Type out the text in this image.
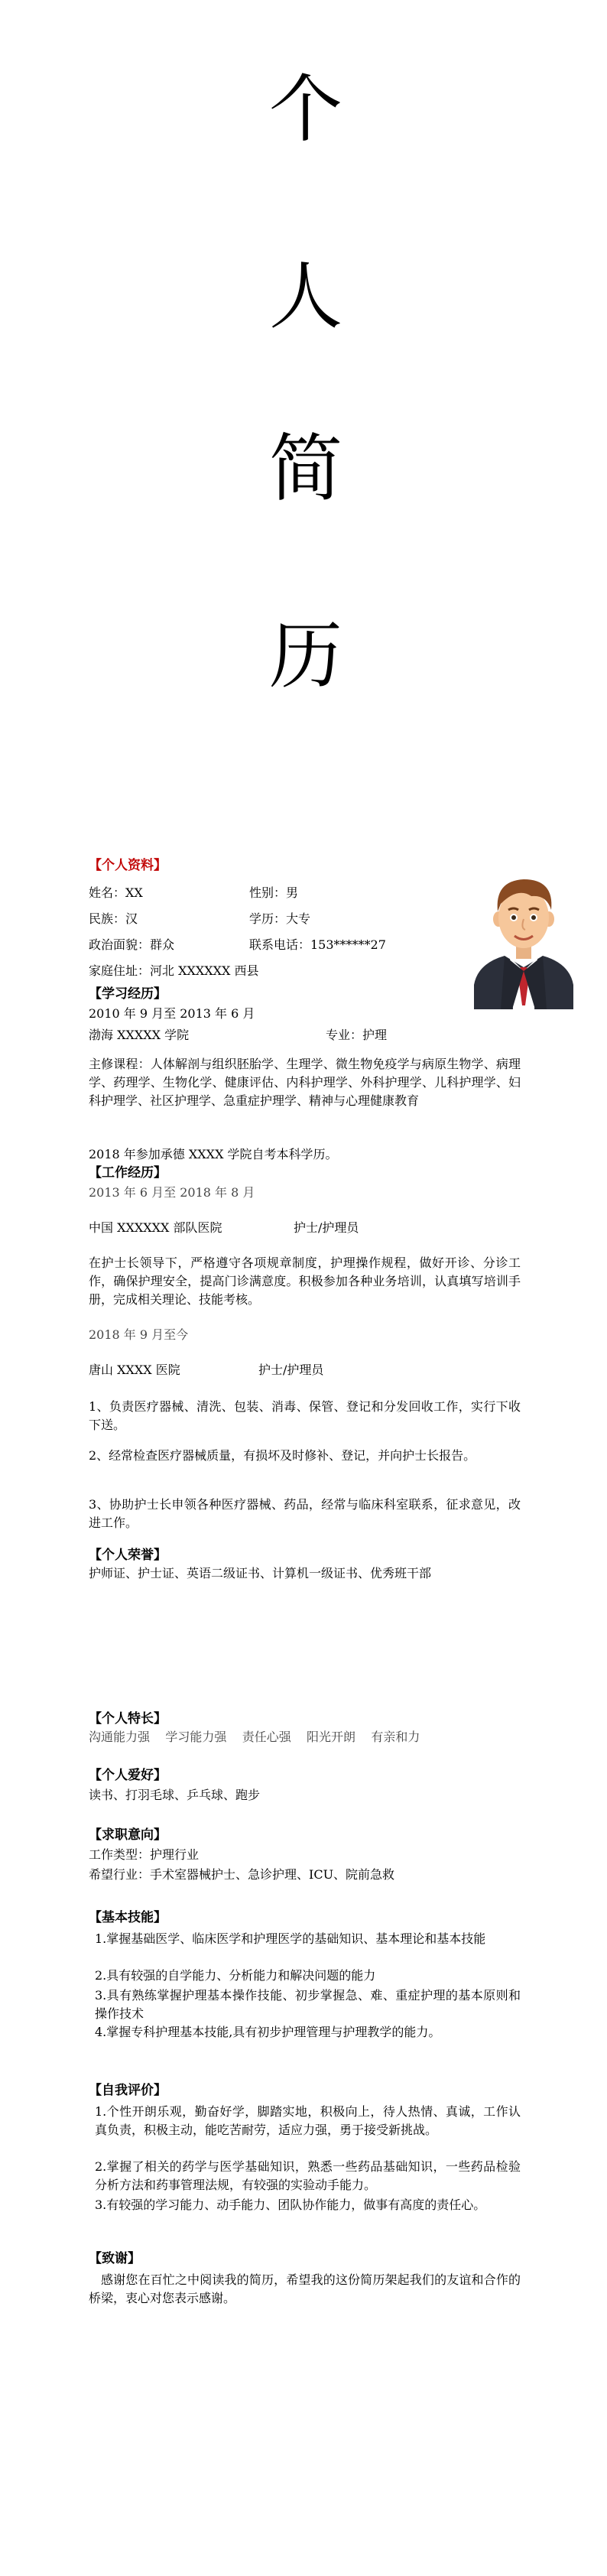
个
人
简
历
【个人资料】
姓名：XX	性别：男
民族：汉	学历：大专
政治面貌：群众	联系电话：153******27
家庭住址：河北 XXXXXX 西县
【学习经历】
2010 年 9 月至 2013 年 6 月
渤海 XXXXX 学院	专业：护理
主修课程：人体解剖与组织胚胎学、生理学、微生物免疫学与病原生物学、病理学、药理学、生物化学、健康评估、内科护理学、外科护理学、儿科护理学、妇科护理学、社区护理学、急重症护理学、精神与心理健康教育
2018 年参加承德 XXXX 学院自考本科学历。
【工作经历】
2013 年 6 月至 2018 年 8 月
中国 XXXXXX 部队医院	护士/护理员
在护士长领导下，严格遵守各项规章制度，护理操作规程，做好开诊、分诊工作，确保护理安全，提高门诊满意度。积极参加各种业务培训，认真填写培训手册，完成相关理论、技能考核。
2018 年 9 月至今
唐山 XXXX 医院	护士/护理员
1、负责医疗器械、清洗、包装、消毒、保管、登记和分发回收工作，实行下收下送。
2、经常检查医疗器械质量，有损坏及时修补、登记，并向护士长报告。
3、协助护士长申领各种医疗器械、药品，经常与临床科室联系，征求意见，改进工作。
【个人荣誉】
护师证、护士证、英语二级证书、计算机一级证书、优秀班干部
【个人特长】
沟通能力强    学习能力强    责任心强    阳光开朗    有亲和力
【个人爱好】
读书、打羽毛球、乒乓球、跑步
【求职意向】
工作类型：护理行业
希望行业：手术室器械护士、急诊护理、ICU、院前急救
【基本技能】
1.掌握基础医学、临床医学和护理医学的基础知识、基本理论和基本技能
2.具有较强的自学能力、分析能力和解决问题的能力
3.具有熟练掌握护理基本操作技能、初步掌握急、难、重症护理的基本原则和操作技术
4.掌握专科护理基本技能,具有初步护理管理与护理教学的能力。
【自我评价】
1.个性开朗乐观，勤奋好学，脚踏实地，积极向上，待人热情、真诚，工作认真负责，积极主动，能吃苦耐劳，适应力强，勇于接受新挑战。
2.掌握了相关的药学与医学基础知识，熟悉一些药品基础知识，一些药品检验分析方法和药事管理法规，有较强的实验动手能力。
3.有较强的学习能力、动手能力、团队协作能力，做事有高度的责任心。
【致谢】
感谢您在百忙之中阅读我的简历，希望我的这份简历架起我们的友谊和合作的桥梁，衷心对您表示感谢。
